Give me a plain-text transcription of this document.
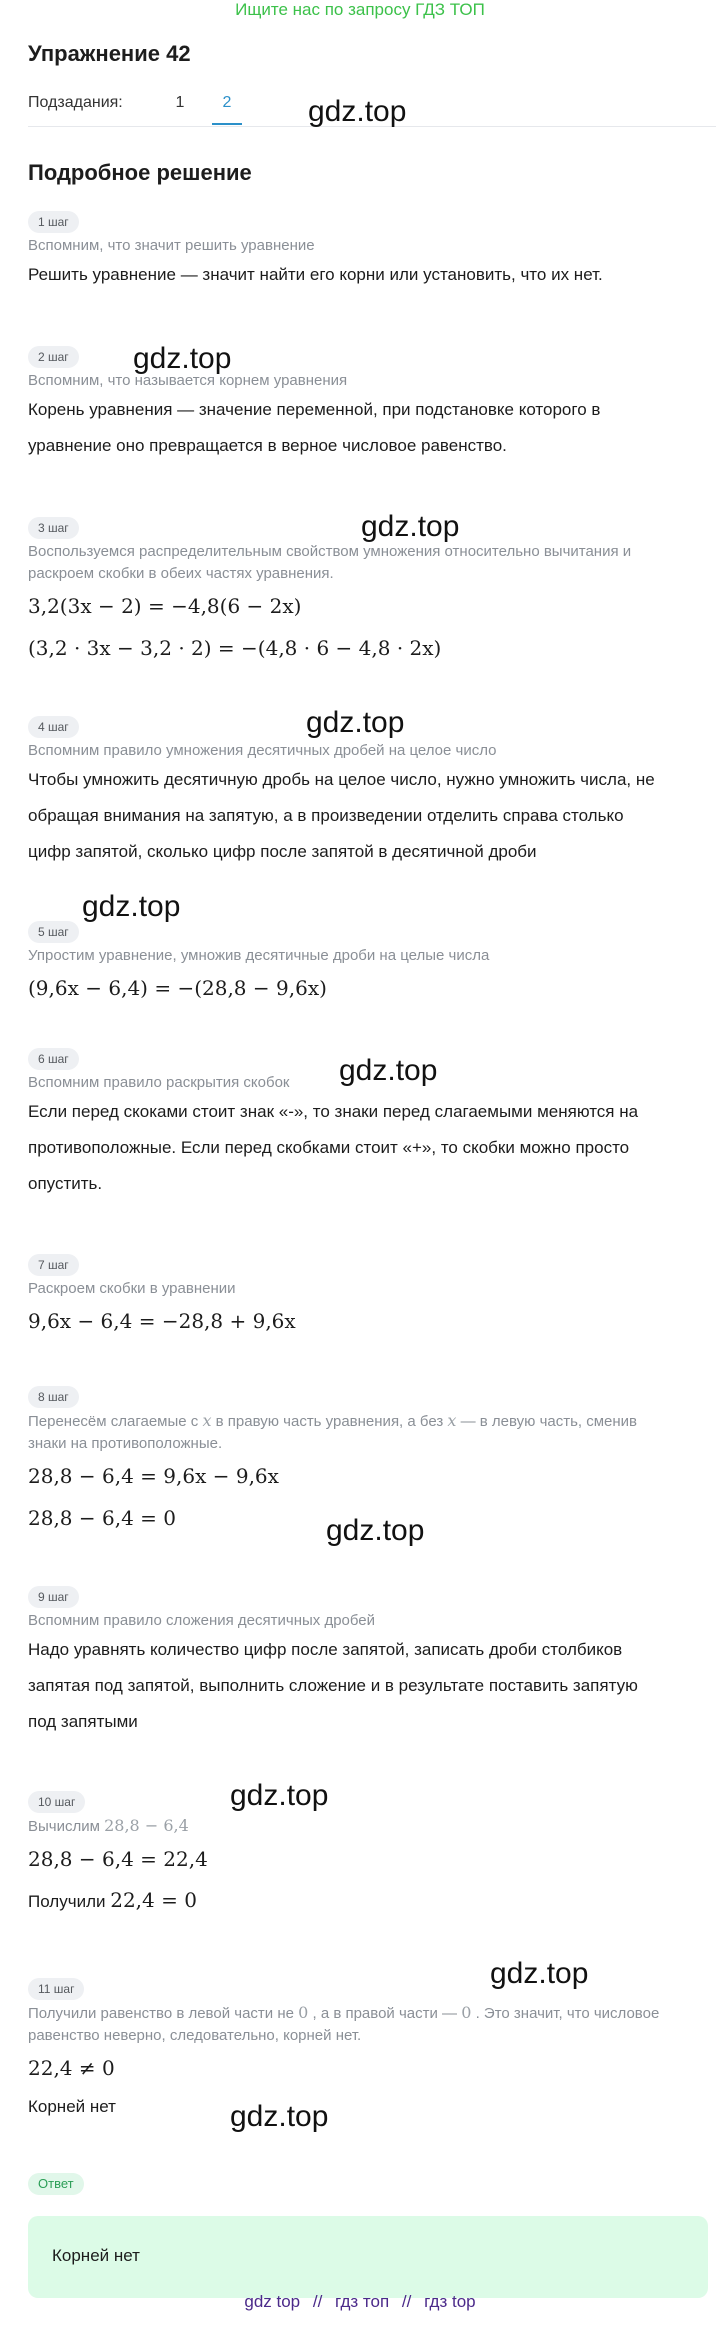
Ищите нас по запросу ГДЗ ТОП
Упражнение 42
Подзадания:	1	2
Подробное решение
1 шаг
Вспомним, что значит решить уравнение
Решить уравнение — значит найти его корни или установить, что их нет.
2 шаг
Вспомним, что называется корнем уравнения
Корень уравнения — значение переменной, при подстановке которого в
уравнение оно превращается в верное числовое равенство.
3 шаг
Воспользуемся распределительным свойством умножения относительно вычитания и
раскроем скобки в обеих частях уравнения.
3,2(3x − 2) = −4,8(6 − 2x)
(3,2 · 3x − 3,2 · 2) = −(4,8 · 6 − 4,8 · 2x)
4 шаг
Вспомним правило умножения десятичных дробей на целое число
Чтобы умножить десятичную дробь на целое число, нужно умножить числа, не
обращая внимания на запятую, а в произведении отделить справа столько
цифр запятой, сколько цифр после запятой в десятичной дроби
5 шаг
Упростим уравнение, умножив десятичные дроби на целые числа
(9,6x − 6,4) = −(28,8 − 9,6x)
6 шаг
Вспомним правило раскрытия скобок
Если перед скоками стоит знак «-», то знаки перед слагаемыми меняются на
противоположные. Если перед скобками стоит «+», то скобки можно просто
опустить.
7 шаг
Раскроем скобки в уравнении
9,6x − 6,4 = −28,8 + 9,6x
8 шаг
Перенесём слагаемые с x в правую часть уравнения, а без x — в левую часть, сменив
знаки на противоположные.
28,8 − 6,4 = 9,6x − 9,6x
28,8 − 6,4 = 0
9 шаг
Вспомним правило сложения десятичных дробей
Надо уравнять количество цифр после запятой, записать дроби столбиков
запятая под запятой, выполнить сложение и в результате поставить запятую
под запятыми
10 шаг
Вычислим 28,8 − 6,4
28,8 − 6,4 = 22,4
Получили 22,4 = 0
11 шаг
Получили равенство в левой части не 0 , а в правой части — 0 . Это значит, что числовое
равенство неверно, следовательно, корней нет.
22,4 ≠ 0
Корней нет
Ответ
Корней нет
gdz.top
gdz.top
gdz.top
gdz.top
gdz.top
gdz.top
gdz.top
gdz.top
gdz.top
gdz.top
gdz top // гдз топ // гдз top
